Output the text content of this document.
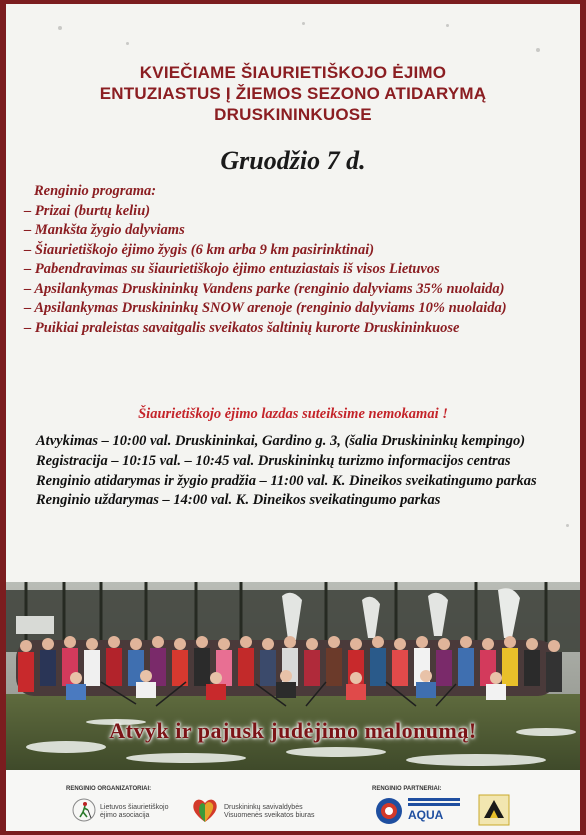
KVIEČIAME ŠIAURIETIŠKOJO ĖJIMO
ENTUZIASTUS Į ŽIEMOS SEZONO ATIDARYMĄ
DRUSKININKUOSE
Gruodžio 7 d.
Renginio programa:
– Prizai (burtų keliu)
– Mankšta žygio dalyviams
– Šiaurietiškojo ėjimo žygis (6 km arba 9 km pasirinktinai)
– Pabendravimas su šiaurietiškojo ėjimo entuziastais iš visos Lietuvos
– Apsilankymas Druskininkų Vandens parke (renginio dalyviams 35% nuolaida)
– Apsilankymas Druskininkų SNOW arenoje (renginio dalyviams 10% nuolaida)
– Puikiai praleistas savaitgalis sveikatos šaltinių kurorte Druskininkuose
Šiaurietiškojo ėjimo lazdas suteiksime nemokamai !
Atvykimas – 10:00 val. Druskininkai, Gardino g. 3, (šalia Druskininkų kempingo)
Registracija – 10:15 val. – 10:45 val. Druskininkų turizmo informacijos centras
Renginio atidarymas ir žygio pradžia – 11:00 val. K. Dineikos sveikatingumo parkas
Renginio uždarymas – 14:00 val. K. Dineikos sveikatingumo parkas
Atvyk ir pajusk judėjimo malonumą!
RENGINIO ORGANIZATORIAI:
Lietuvos šiaurietiškojo ėjimo asociacija
Druskininkų savivaldybės Visuomenės sveikatos biuras
RENGINIO PARTNERIAI:
AQUA
